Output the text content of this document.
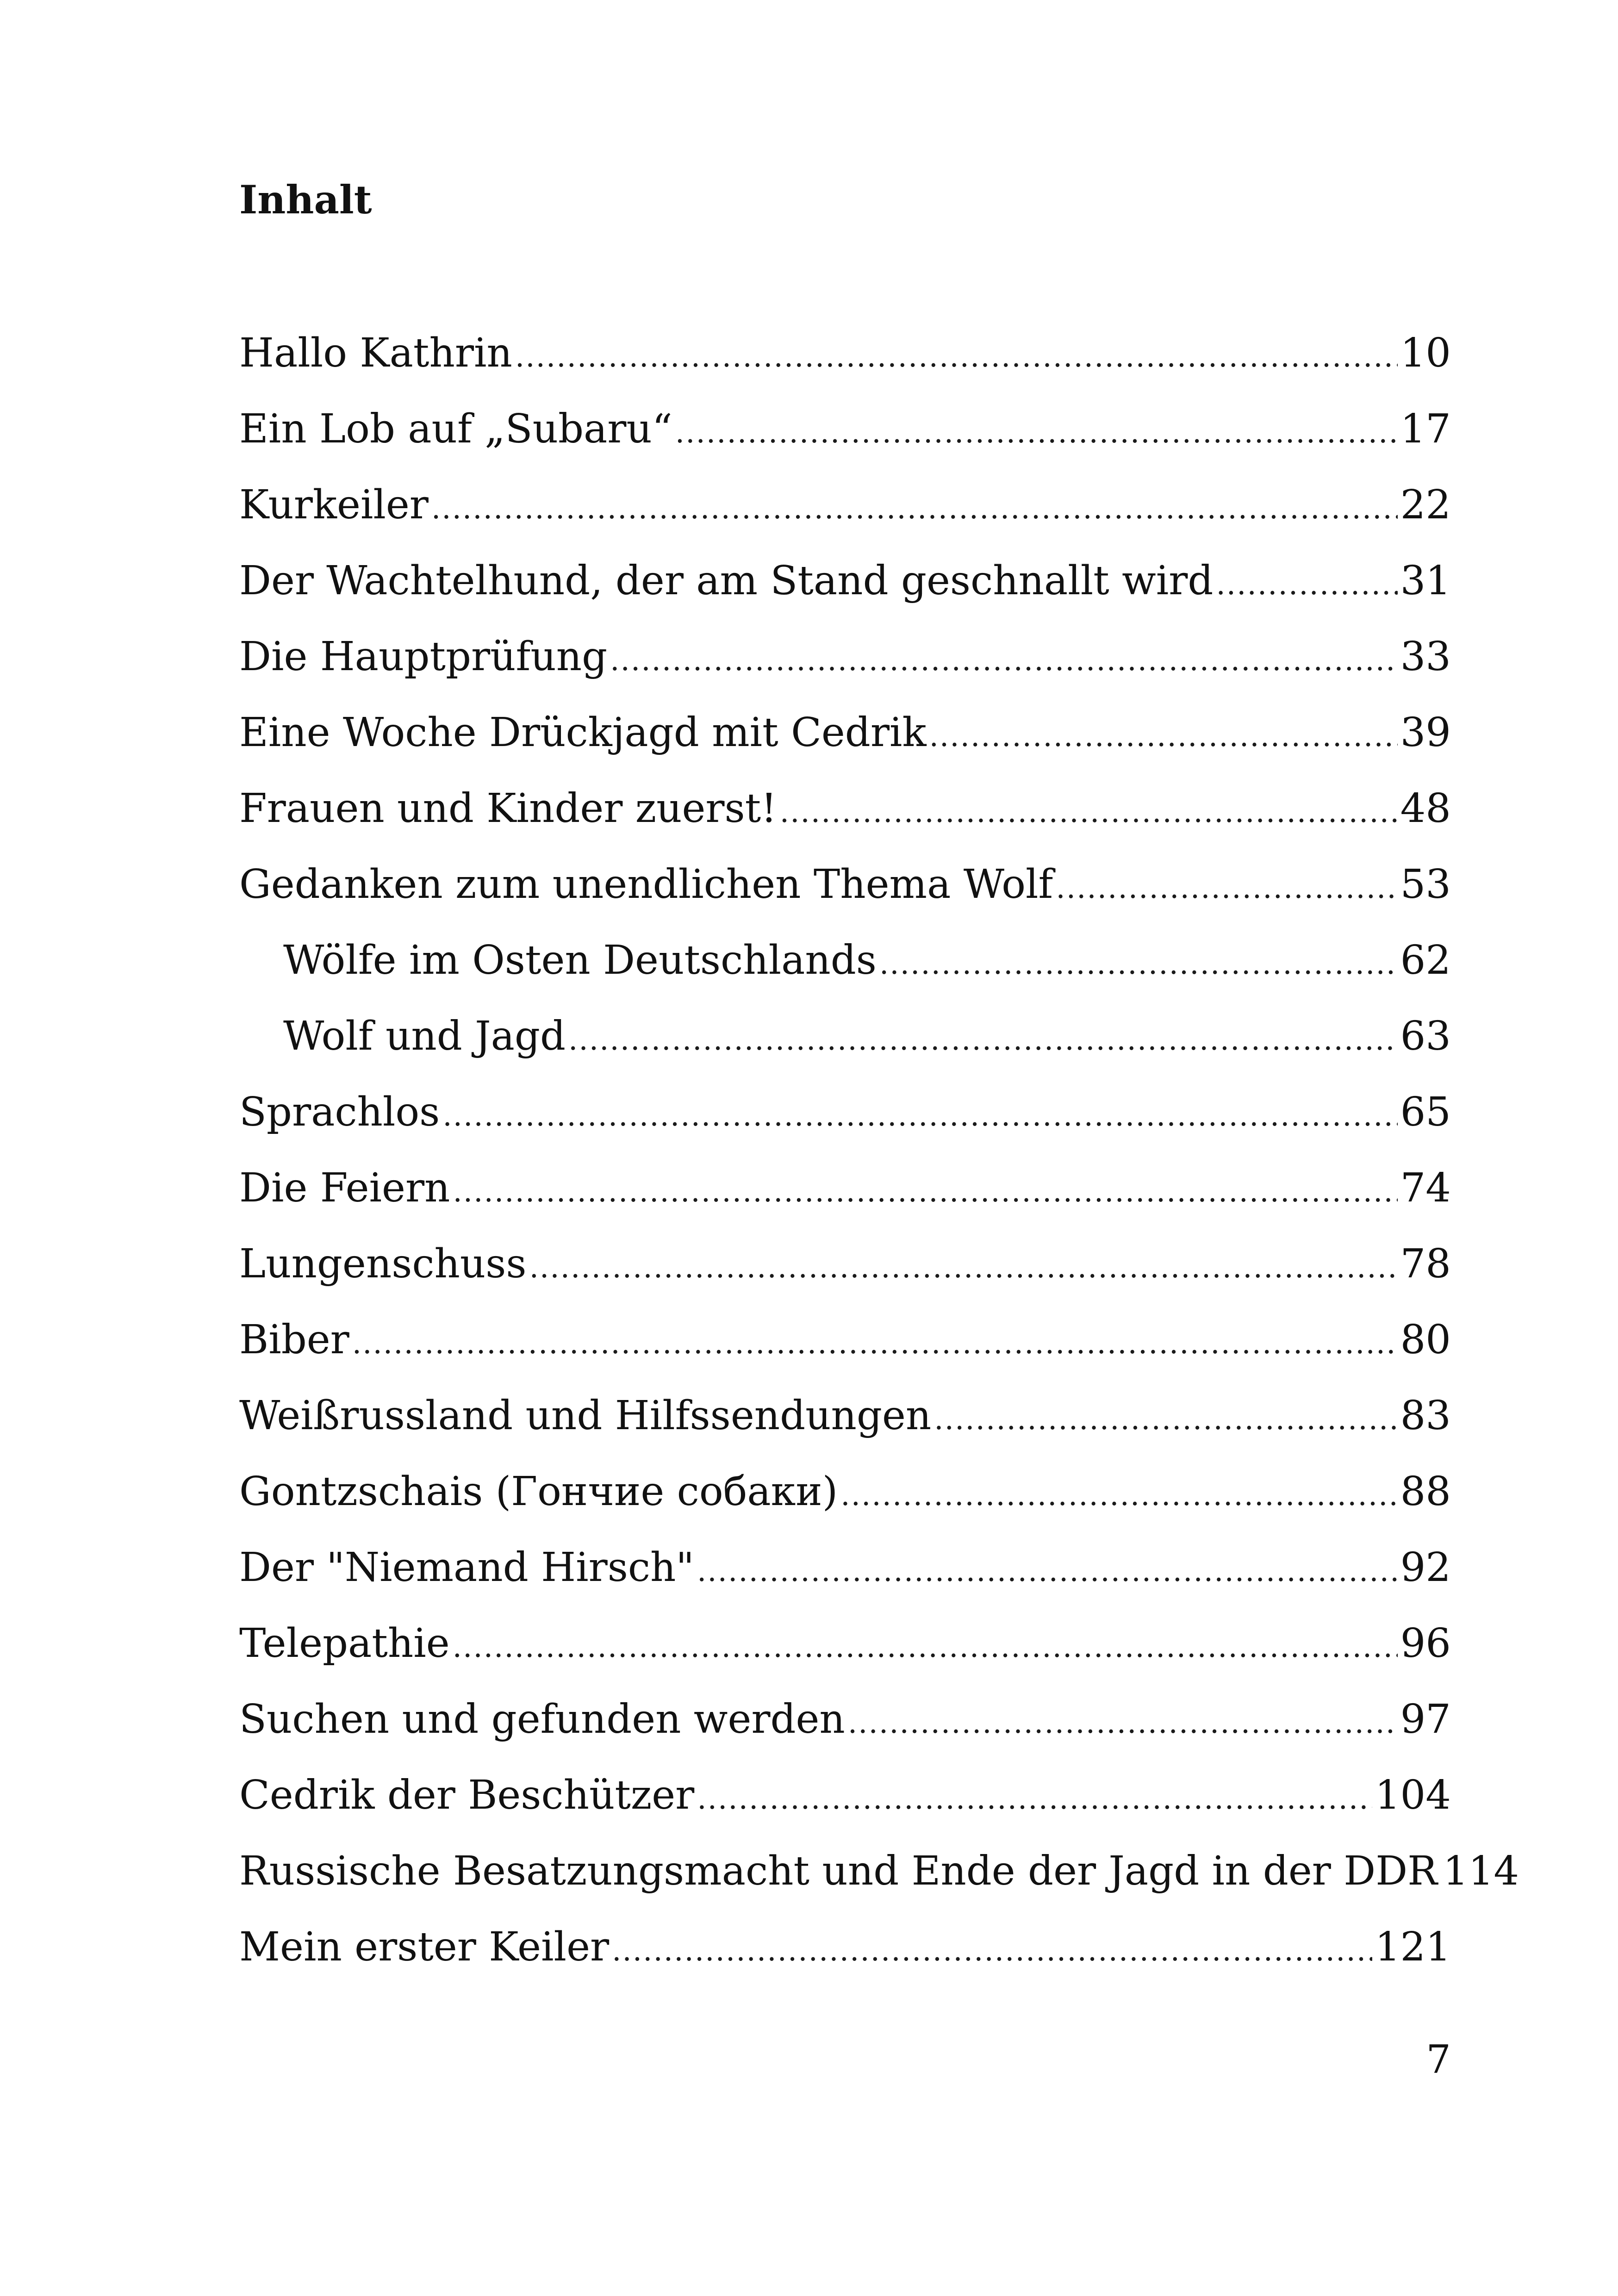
Inhalt
Hallo Kathrin .....	10
Ein Lob auf „Subaru“ .....	17
Kurkeiler .....	22
Der Wachtelhund, der am Stand geschnallt wird .....	31
Die Hauptprüfung .....	33
Eine Woche Drückjagd mit Cedrik .....	39
Frauen und Kinder zuerst! .....	48
Gedanken zum unendlichen Thema Wolf .....	53
Wölfe im Osten Deutschlands .....	62
Wolf und Jagd .....	63
Sprachlos .....	65
Die Feiern .....	74
Lungenschuss .....	78
Biber .....	80
Weißrussland und Hilfssendungen .....	83
Gontzschais (Гончие собаки) .....	88
Der "Niemand Hirsch" .....	92
Telepathie .....	96
Suchen und gefunden werden .....	97
Cedrik der Beschützer .....	104
Russische Besatzungsmacht und Ende der Jagd in der DDR 114
Mein erster Keiler .....	121
7
